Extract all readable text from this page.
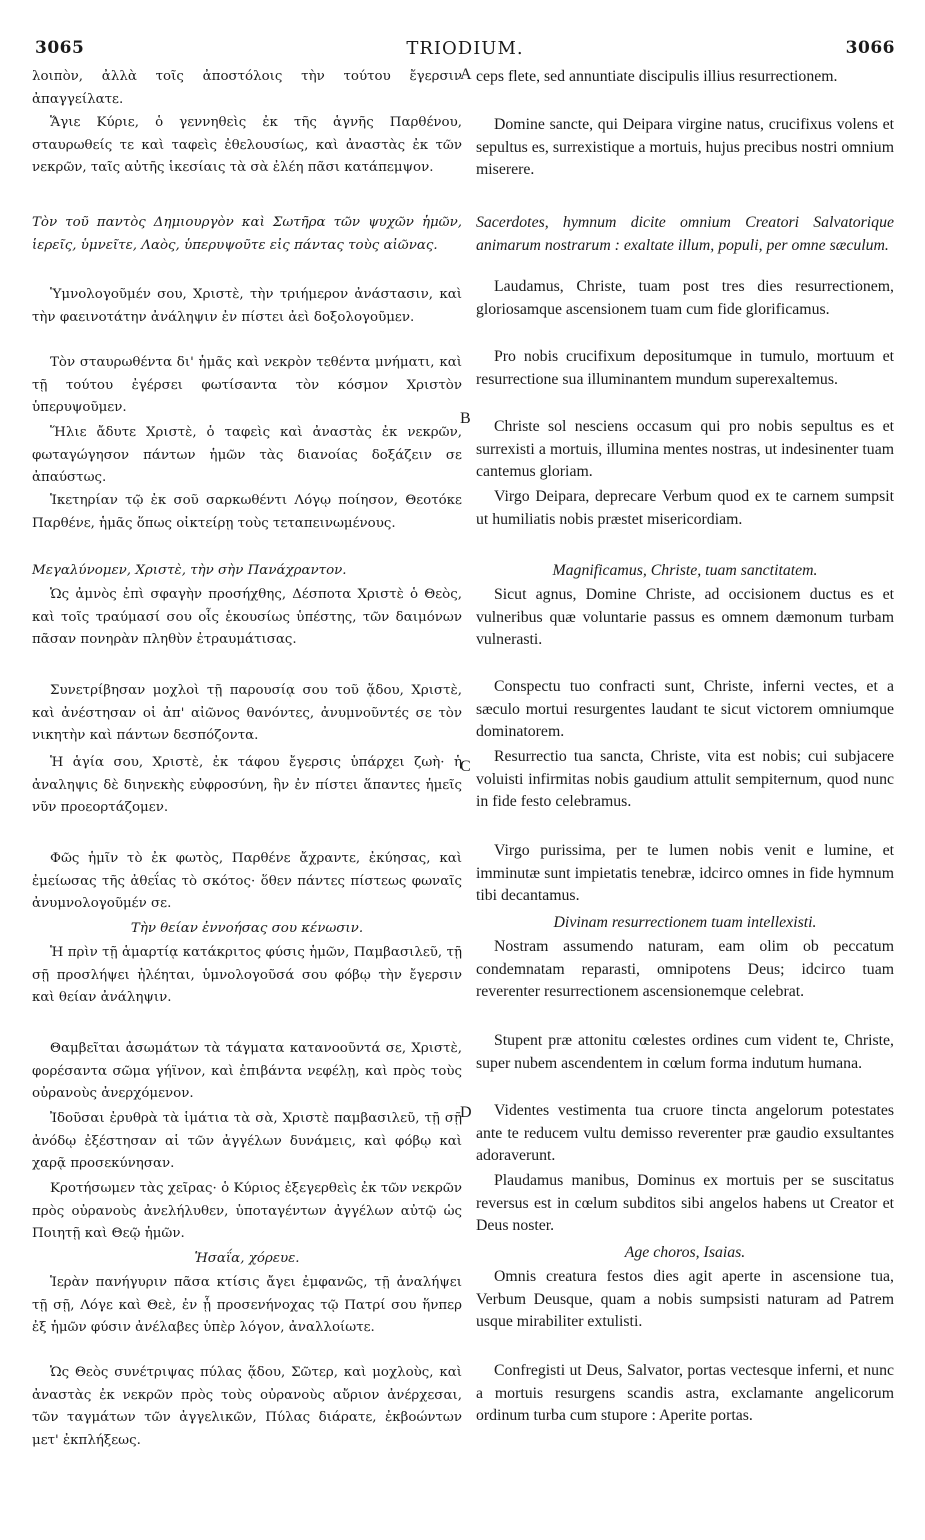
3065	TRIODIUM.	3066
A
B
C
D

λοιπὸν, ἀλλὰ τοῖς ἀποστόλοις τὴν τούτου ἔγερσιν ἀπαγγείλατε.

Ἅγιε Κύριε, ὁ γεννηθεὶς ἐκ τῆς ἁγνῆς Παρθένου, σταυρωθείς τε καὶ ταφεὶς ἐθελουσίως, καὶ ἀναστὰς ἐκ τῶν νεκρῶν, ταῖς αὐτῆς ἱκεσίαις τὰ σὰ ἐλέη πᾶσι κατάπεμψον.

Τὸν τοῦ παντὸς Δημιουργὸν καὶ Σωτῆρα τῶν ψυχῶν ἡμῶν, ἱερεῖς, ὑμνεῖτε, Λαὸς, ὑπερυψοῦτε εἰς πάντας τοὺς αἰῶνας.

Ὑμνολογοῦμέν σου, Χριστὲ, τὴν τριήμερον ἀνάστασιν, καὶ τὴν φαεινοτάτην ἀνάληψιν ἐν πίστει ἀεὶ δοξολογοῦμεν.

Τὸν σταυρωθέντα δι' ἡμᾶς καὶ νεκρὸν τεθέντα μνήματι, καὶ τῇ τούτου ἐγέρσει φωτίσαντα τὸν κόσμον Χριστὸν ὑπερυψοῦμεν.

Ἥλιε ἄδυτε Χριστὲ, ὁ ταφεὶς καὶ ἀναστὰς ἐκ νεκρῶν, φωταγώγησον πάντων ἡμῶν τὰς διανοίας δοξάζειν σε ἀπαύστως.

Ἱκετηρίαν τῷ ἐκ σοῦ σαρκωθέντι Λόγῳ ποίησον, Θεοτόκε Παρθένε, ἡμᾶς ὅπως οἰκτείρῃ τοὺς τεταπεινωμένους.

Μεγαλύνομεν, Χριστὲ, τὴν σὴν Πανάχραντον.

Ὡς ἀμνὸς ἐπὶ σφαγὴν προσήχθης, Δέσποτα Χριστὲ ὁ Θεὸς, καὶ τοῖς τραύμασί σου οἷς ἑκουσίως ὑπέστης, τῶν δαιμόνων πᾶσαν πονηρὰν πληθὺν ἐτραυμάτισας.

Συνετρίβησαν μοχλοὶ τῇ παρουσίᾳ σου τοῦ ᾅδου, Χριστὲ, καὶ ἀνέστησαν οἱ ἀπ' αἰῶνος θανόντες, ἀνυμνοῦντές σε τὸν νικητὴν καὶ πάντων δεσπόζοντα.

Ἡ ἁγία σου, Χριστὲ, ἐκ τάφου ἔγερσις ὑπάρχει ζωὴ· ἡ ἀναληψις δὲ διηνεκὴς εὐφροσύνη, ἣν ἐν πίστει ἅπαντες ἡμεῖς νῦν προεορτάζομεν.

Φῶς ἡμῖν τὸ ἐκ φωτὸς, Παρθένε ἄχραντε, ἐκύησας, καὶ ἐμείωσας τῆς ἀθεΐας τὸ σκότος· ὅθεν πάντες πίστεως φωναῖς ἀνυμνολογοῦμέν σε.

Τὴν θείαν ἐννοήσας σου κένωσιν.

Ἡ πρὶν τῇ ἁμαρτίᾳ κατάκριτος φύσις ἡμῶν, Παμβασιλεῦ, τῇ σῇ προσλήψει ἠλέηται, ὑμνολογοῦσά σου φόβῳ τὴν ἔγερσιν καὶ θείαν ἀνάληψιν.

Θαμβεῖται ἀσωμάτων τὰ τάγματα κατανοοῦντά σε, Χριστὲ, φορέσαντα σῶμα γήϊνον, καὶ ἐπιβάντα νεφέλῃ, καὶ πρὸς τοὺς οὐρανοὺς ἀνερχόμενον.

Ἰδοῦσαι ἐρυθρὰ τὰ ἱμάτια τὰ σὰ, Χριστὲ παμβασιλεῦ, τῇ σῇ ἀνόδῳ ἐξέστησαν αἱ τῶν ἀγγέλων δυνάμεις, καὶ φόβῳ καὶ χαρᾷ προσεκύνησαν.

Κροτήσωμεν τὰς χεῖρας· ὁ Κύριος ἐξεγερθεὶς ἐκ τῶν νεκρῶν πρὸς οὐρανοὺς ἀνελήλυθεν, ὑποταγέντων ἀγγέλων αὐτῷ ὡς Ποιητῇ καὶ Θεῷ ἡμῶν.

Ἡσαΐα, χόρευε.

Ἱερὰν πανήγυριν πᾶσα κτίσις ἄγει ἐμφανῶς, τῇ ἀναλήψει τῇ σῇ, Λόγε καὶ Θεὲ, ἐν ᾗ προσενήνοχας τῷ Πατρί σου ἥνπερ ἐξ ἡμῶν φύσιν ἀνέλαβες ὑπὲρ λόγον, ἀναλλοίωτε.

Ὡς Θεὸς συνέτριψας πύλας ᾅδου, Σῶτερ, καὶ μοχλοὺς, καὶ ἀναστὰς ἐκ νεκρῶν πρὸς τοὺς οὐρανοὺς αὔριον ἀνέρχεσαι, τῶν ταγμάτων τῶν ἀγγελικῶν, Πύλας διάρατε, ἐκβοώντων μετ' ἐκπλήξεως.

ceps flete, sed annuntiate discipulis illius resurrectionem.

Domine sancte, qui Deipara virgine natus, crucifixus volens et sepultus es, surrexistique a mortuis, hujus precibus nostri omnium miserere.

Sacerdotes, hymnum dicite omnium Creatori Salvatorique animarum nostrarum : exaltate illum, populi, per omne sæculum.

Laudamus, Christe, tuam post tres dies resurrectionem, gloriosamque ascensionem tuam cum fide glorificamus.

Pro nobis crucifixum depositumque in tumulo, mortuum et resurrectione sua illuminantem mundum superexaltemus.

Christe sol nesciens occasum qui pro nobis sepultus es et surrexisti a mortuis, illumina mentes nostras, ut indesinenter tuam cantemus gloriam.

Virgo Deipara, deprecare Verbum quod ex te carnem sumpsit ut humiliatis nobis præstet misericordiam.

Magnificamus, Christe, tuam sanctitatem.

Sicut agnus, Domine Christe, ad occisionem ductus es et vulneribus quæ voluntarie passus es omnem dæmonum turbam vulnerasti.

Conspectu tuo confracti sunt, Christe, inferni vectes, et a sæculo mortui resurgentes laudant te sicut victorem omniumque dominatorem.

Resurrectio tua sancta, Christe, vita est nobis; cui subjacere voluisti infirmitas nobis gaudium attulit sempiternum, quod nunc in fide festo celebramus.

Virgo purissima, per te lumen nobis venit e lumine, et imminutæ sunt impietatis tenebræ, idcirco omnes in fide hymnum tibi decantamus.

Divinam resurrectionem tuam intellexisti.

Nostram assumendo naturam, eam olim ob peccatum condemnatam reparasti, omnipotens Deus; idcirco tuam reverenter resurrectionem ascensionemque celebrat.

Stupent præ attonitu cœlestes ordines cum vident te, Christe, super nubem ascendentem in cœlum forma indutum humana.

Videntes vestimenta tua cruore tincta angelorum potestates ante te reducem vultu demisso reverenter præ gaudio exsultantes adoraverunt.

Plaudamus manibus, Dominus ex mortuis per se suscitatus reversus est in cœlum subditos sibi angelos habens ut Creator et Deus noster.

Age choros, Isaias.

Omnis creatura festos dies agit aperte in ascensione tua, Verbum Deusque, quam a nobis sumpsisti naturam ad Patrem usque mirabiliter extulisti.

Confregisti ut Deus, Salvator, portas vectesque inferni, et nunc a mortuis resurgens scandis astra, exclamante angelicorum ordinum turba cum stupore : Aperite portas.
